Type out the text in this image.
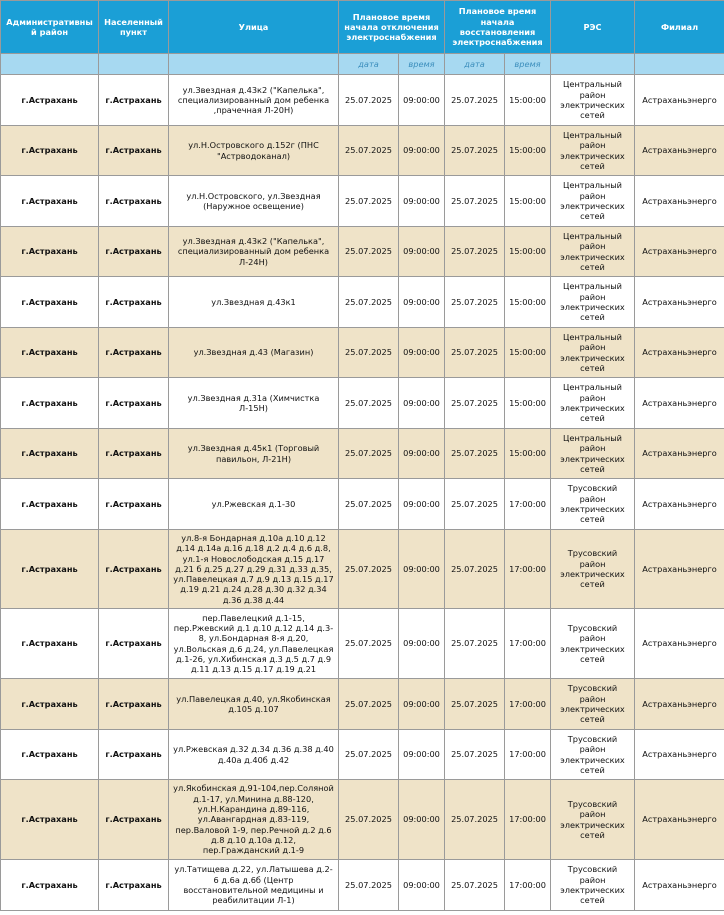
Административный район	Населенный пункт	Улица	Плановое время начала отключения электроснабжения		Плановое время начала восстановления электроснабжения		РЭС	Филиал
			дата	время	дата	время		
г.Астрахань	г.Астрахань	ул.Звездная д.43к2 ("Капелька", специализированный дом ребенка ,прачечная Л-20Н)	25.07.2025	09:00:00	25.07.2025	15:00:00	Центральный район электрических сетей	Астраханьэнерго
г.Астрахань	г.Астрахань	ул.Н.Островского д.152г (ПНС "Астрводоканал)	25.07.2025	09:00:00	25.07.2025	15:00:00	Центральный район электрических сетей	Астраханьэнерго
г.Астрахань	г.Астрахань	ул.Н.Островского, ул.Звездная (Наружное освещение)	25.07.2025	09:00:00	25.07.2025	15:00:00	Центральный район электрических сетей	Астраханьэнерго
г.Астрахань	г.Астрахань	ул.Звездная д.43к2 ("Капелька", специализированный дом ребенка Л-24Н)	25.07.2025	09:00:00	25.07.2025	15:00:00	Центральный район электрических сетей	Астраханьэнерго
г.Астрахань	г.Астрахань	ул.Звездная д.43к1	25.07.2025	09:00:00	25.07.2025	15:00:00	Центральный район электрических сетей	Астраханьэнерго
г.Астрахань	г.Астрахань	ул.Звездная д.43 (Магазин)	25.07.2025	09:00:00	25.07.2025	15:00:00	Центральный район электрических сетей	Астраханьэнерго
г.Астрахань	г.Астрахань	ул.Звездная д.31а (Химчистка Л-15Н)	25.07.2025	09:00:00	25.07.2025	15:00:00	Центральный район электрических сетей	Астраханьэнерго
г.Астрахань	г.Астрахань	ул.Звездная д.45к1 (Торговый павильон, Л-21Н)	25.07.2025	09:00:00	25.07.2025	15:00:00	Центральный район электрических сетей	Астраханьэнерго
г.Астрахань	г.Астрахань	ул.Ржевская д.1-30	25.07.2025	09:00:00	25.07.2025	17:00:00	Трусовский район электрических сетей	Астраханьэнерго
г.Астрахань	г.Астрахань	ул.8-я Бондарная д.10а д.10 д.12 д.14 д.14а д.16 д.18 д.2 д.4 д.6 д.8, ул.1-я Новослободская д.15 д.17 д.21 б д.25 д.27 д.29 д.31 д.33 д.35, ул.Павелецкая д.7 д.9 д.13 д.15 д.17 д.19 д.21 д.24 д.28 д.30 д.32 д.34 д.36 д.38 д.44	25.07.2025	09:00:00	25.07.2025	17:00:00	Трусовский район электрических сетей	Астраханьэнерго
г.Астрахань	г.Астрахань	пер.Павелецкий д.1-15, пер.Ржевский д.1 д.10 д.12 д.14 д.3-8, ул.Бондарная 8-я д.20, ул.Вольская д.6 д.24, ул.Павелецкая д.1-26, ул.Хибинская д.3 д.5 д.7 д.9 д.11 д.13 д.15 д.17 д.19 д.21	25.07.2025	09:00:00	25.07.2025	17:00:00	Трусовский район электрических сетей	Астраханьэнерго
г.Астрахань	г.Астрахань	ул.Павелецкая д.40, ул.Якобинская д.105 д.107	25.07.2025	09:00:00	25.07.2025	17:00:00	Трусовский район электрических сетей	Астраханьэнерго
г.Астрахань	г.Астрахань	ул.Ржевская д.32 д.34 д.36 д.38 д.40 д.40а д.40б д.42	25.07.2025	09:00:00	25.07.2025	17:00:00	Трусовский район электрических сетей	Астраханьэнерго
г.Астрахань	г.Астрахань	ул.Якобинская д.91-104,пер.Соляной д.1-17, ул.Минина д.88-120, ул.Н.Карандина д.89-116, ул.Авангардная д.83-119, пер.Валовой 1-9, пер.Речной д.2 д.6 д.8 д.10 д.10а д.12, пер.Гражданский д.1-9	25.07.2025	09:00:00	25.07.2025	17:00:00	Трусовский район электрических сетей	Астраханьэнерго
г.Астрахань	г.Астрахань	ул.Татищева д.22, ул.Латышева д.2-6 д.6а д.6б (Центр восстановительной медицины и реабилитации Л-1)	25.07.2025	09:00:00	25.07.2025	17:00:00	Трусовский район электрических сетей	Астраханьэнерго
